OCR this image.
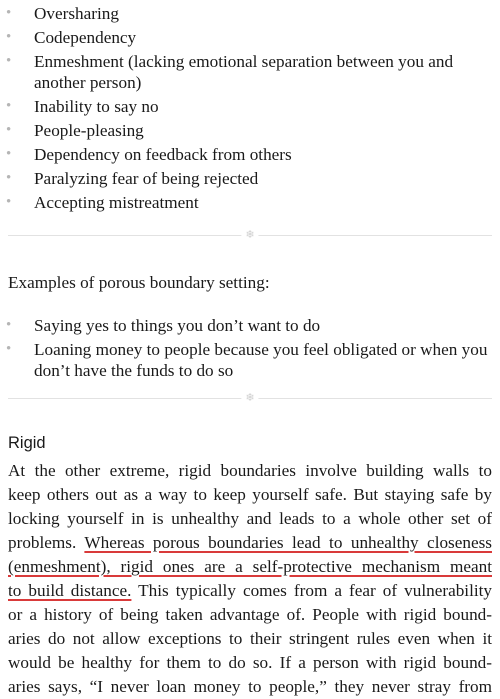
• Oversharing
• Codependency
• Enmeshment (lacking emotional separation between you and another person)
• Inability to say no
• People-pleasing
• Dependency on feedback from others
• Paralyzing fear of being rejected
• Accepting mistreatment
❄

Examples of porous boundary setting:

• Saying yes to things you don’t want to do
• Loaning money to people because you feel obligated or when you don’t have the funds to do so
❄
Rigid

At the other extreme, rigid boundaries involve building walls to
keep others out as a way to keep yourself safe. But staying safe by
locking yourself in is unhealthy and leads to a whole other set of
problems. Whereas porous boundaries lead to unhealthy closeness
(enmeshment), rigid ones are a self-protective mechanism meant
to build distance. This typically comes from a fear of vulnerability
or a history of being taken advantage of. People with rigid bound-
aries do not allow exceptions to their stringent rules even when it
would be healthy for them to do so. If a person with rigid bound-
aries says, “I never loan money to people,” they never stray from
